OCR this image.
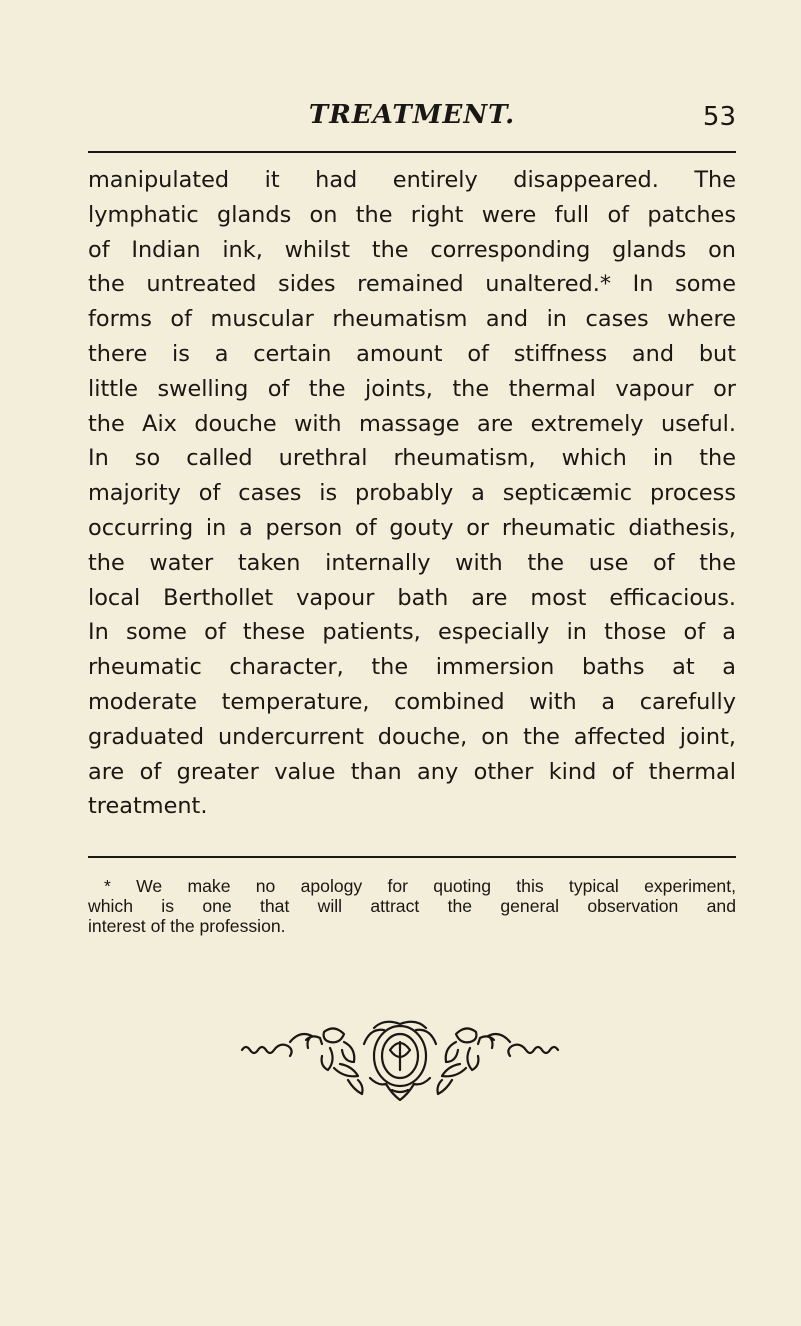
TREATMENT.	53
manipulated it had entirely disappeared. The
lymphatic glands on the right were full of patches
of Indian ink, whilst the corresponding glands on
the untreated sides remained unaltered.* In some
forms of muscular rheumatism and in cases where
there is a certain amount of stiffness and but
little swelling of the joints, the thermal vapour or
the Aix douche with massage are extremely useful.
In so called urethral rheumatism, which in the
majority of cases is probably a septicæmic process
occurring in a person of gouty or rheumatic diathesis,
the water taken internally with the use of the
local Berthollet vapour bath are most efficacious.
In some of these patients, especially in those of a
rheumatic character, the immersion baths at a
moderate temperature, combined with a carefully
graduated undercurrent douche, on the affected joint,
are of greater value than any other kind of thermal
treatment.
* We make no apology for quoting this typical experiment,
which is one that will attract the general observation and
interest of the profession.
